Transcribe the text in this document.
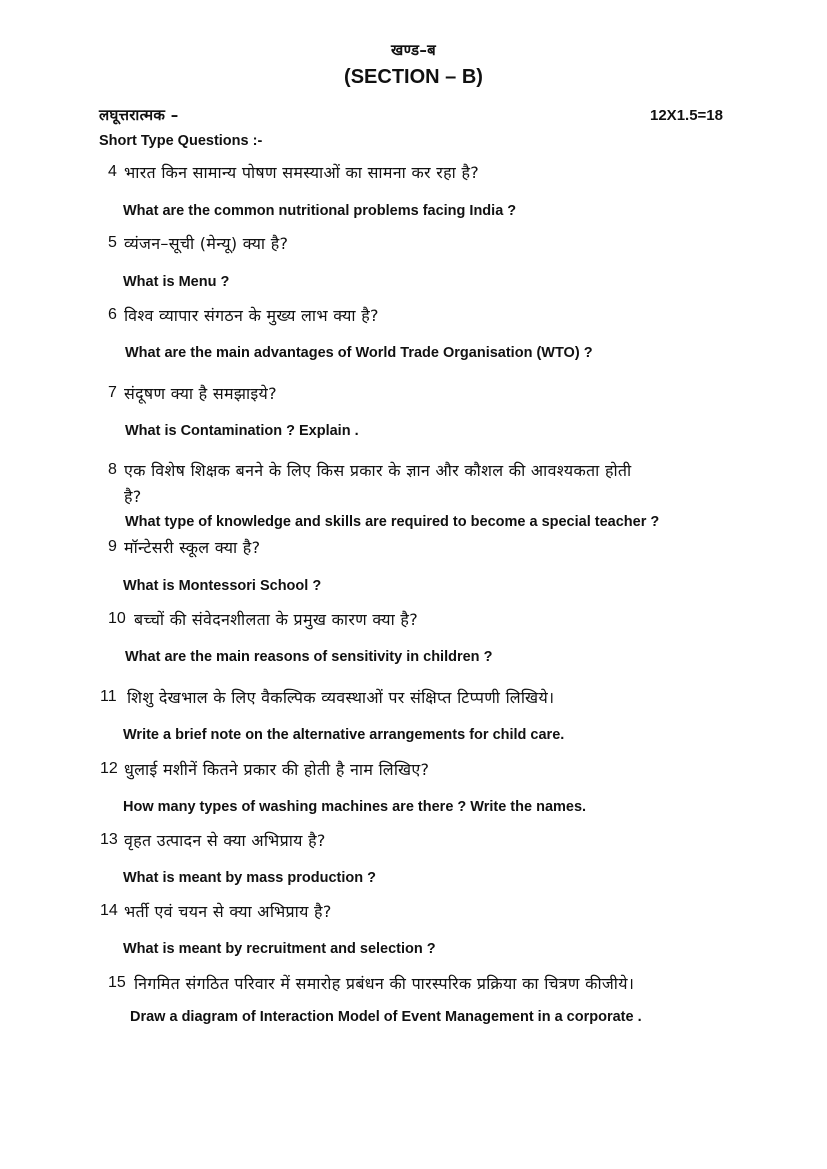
खण्ड–ब
(SECTION – B)
लघूत्तरात्मक –	12X1.5=18
Short Type Questions :-
4 भारत किन सामान्य पोषण समस्याओं का सामना कर रहा है?
What are the common nutritional problems facing India ?
5 व्यंजन–सूची (मेन्यू) क्या है?
What is Menu ?
6 विश्व व्यापार संगठन के मुख्य लाभ क्या है?
What are the main advantages of World Trade Organisation (WTO) ?
7 संदूषण क्या है समझाइये?
What is Contamination ? Explain .
8 एक विशेष शिक्षक बनने के लिए किस प्रकार के ज्ञान और कौशल की आवश्यकता होती
है?
What type of knowledge and skills are required to become a special teacher ?
9 मॉन्टेसरी स्कूल क्या है?
What is Montessori School ?
10 बच्चों की संवेदनशीलता के प्रमुख कारण क्या है?
What are the main reasons of sensitivity in children ?
11 शिशु देखभाल के लिए वैकल्पिक व्यवस्थाओं पर संक्षिप्त टिप्पणी लिखिये।
Write a brief note on the alternative arrangements for child care.
12 धुलाई मशीनें कितने प्रकार की होती है नाम लिखिए?
How many types of washing machines are there ? Write the names.
13 वृहत उत्पादन से क्या अभिप्राय है?
What is meant by mass production ?
14 भर्ती एवं चयन से क्या अभिप्राय है?
What is meant by recruitment and selection ?
15 निगमित संगठित परिवार में समारोह प्रबंधन की पारस्परिक प्रक्रिया का चित्रण कीजीये।
Draw a diagram of Interaction Model of Event Management in a corporate .
